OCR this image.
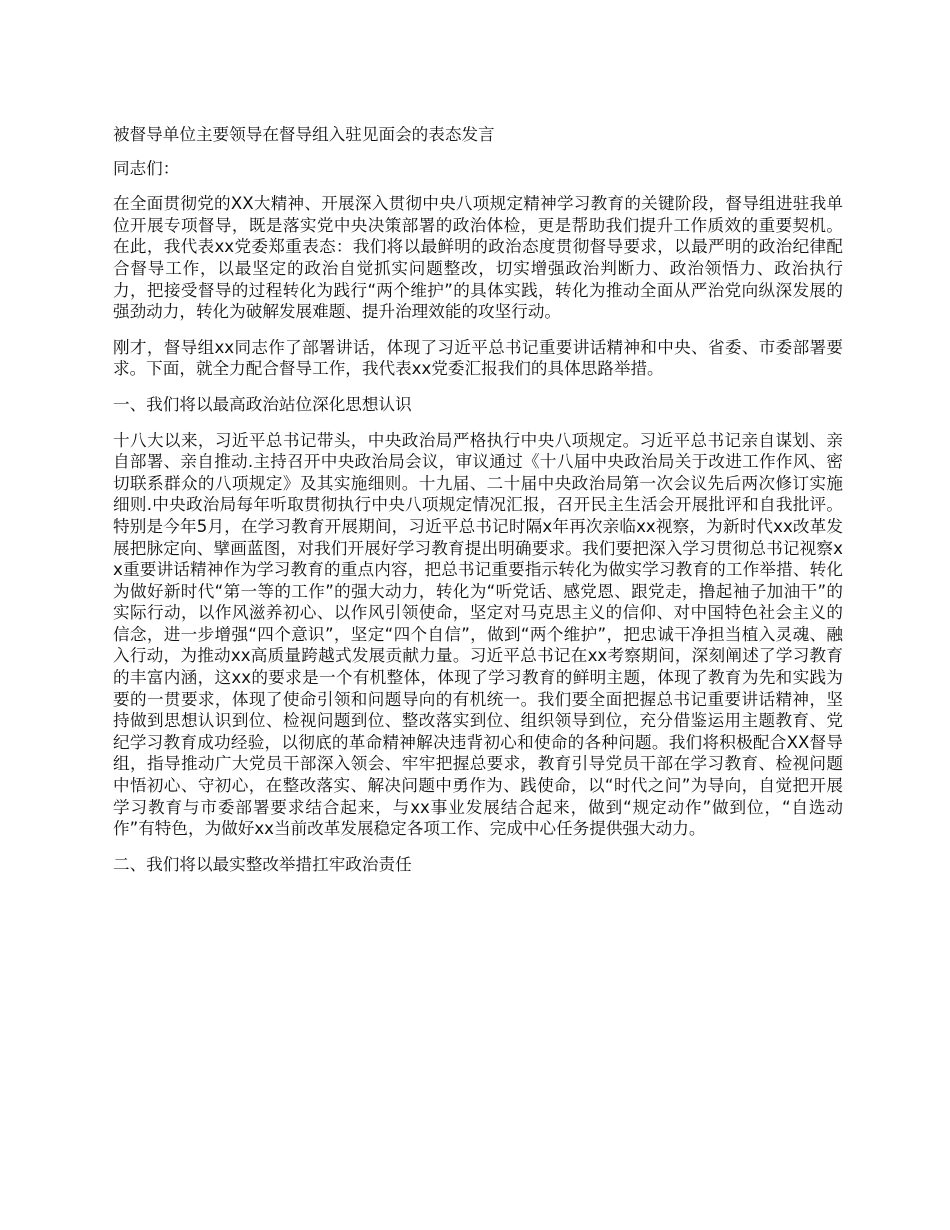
被督导单位主要领导在督导组入驻见面会的表态发言

同志们：

在全面贯彻党的XX大精神、开展深入贯彻中央八项规定精神学习教育的关键阶段，督导组进驻我单位开展专项督导，既是落实党中央决策部署的政治体检，更是帮助我们提升工作质效的重要契机。在此，我代表xx党委郑重表态：我们将以最鲜明的政治态度贯彻督导要求，以最严明的政治纪律配合督导工作，以最坚定的政治自觉抓实问题整改，切实增强政治判断力、政治领悟力、政治执行力，把接受督导的过程转化为践行“两个维护”的具体实践，转化为推动全面从严治党向纵深发展的强劲动力，转化为破解发展难题、提升治理效能的攻坚行动。

刚才，督导组xx同志作了部署讲话，体现了习近平总书记重要讲话精神和中央、省委、市委部署要求。下面，就全力配合督导工作，我代表xx党委汇报我们的具体思路举措。

一、我们将以最高政治站位深化思想认识

十八大以来，习近平总书记带头，中央政治局严格执行中央八项规定。习近平总书记亲自谋划、亲自部署、亲自推动.主持召开中央政治局会议，审议通过《十八届中央政治局关于改进工作作风、密切联系群众的八项规定》及其实施细则。十九届、二十届中央政治局第一次会议先后两次修订实施细则.中央政治局每年听取贯彻执行中央八项规定情况汇报，召开民主生活会开展批评和自我批评。特别是今年5月，在学习教育开展期间，习近平总书记时隔x年再次亲临xx视察，为新时代xx改革发展把脉定向、擘画蓝图，对我们开展好学习教育提出明确要求。我们要把深入学习贯彻总书记视察xx重要讲话精神作为学习教育的重点内容，把总书记重要指示转化为做实学习教育的工作举措、转化为做好新时代“第一等的工作”的强大动力，转化为“听党话、感党恩、跟党走，撸起袖子加油干”的实际行动，以作风滋养初心、以作风引领使命，坚定对马克思主义的信仰、对中国特色社会主义的信念，进一步增强“四个意识”，坚定“四个自信”，做到“两个维护”，把忠诚干净担当植入灵魂、融入行动，为推动xx高质量跨越式发展贡献力量。习近平总书记在xx考察期间，深刻阐述了学习教育的丰富内涵，这xx的要求是一个有机整体，体现了学习教育的鲜明主题，体现了教育为先和实践为要的一贯要求，体现了使命引领和问题导向的有机统一。我们要全面把握总书记重要讲话精神，坚持做到思想认识到位、检视问题到位、整改落实到位、组织领导到位，充分借鉴运用主题教育、党纪学习教育成功经验，以彻底的革命精神解决违背初心和使命的各种问题。我们将积极配合XX督导组，指导推动广大党员干部深入领会、牢牢把握总要求，教育引导党员干部在学习教育、检视问题中悟初心、守初心，在整改落实、解决问题中勇作为、践使命，以“时代之问”为导向，自觉把开展学习教育与市委部署要求结合起来，与xx事业发展结合起来，做到“规定动作”做到位，“自选动作”有特色，为做好xx当前改革发展稳定各项工作、完成中心任务提供强大动力。

二、我们将以最实整改举措扛牢政治责任
